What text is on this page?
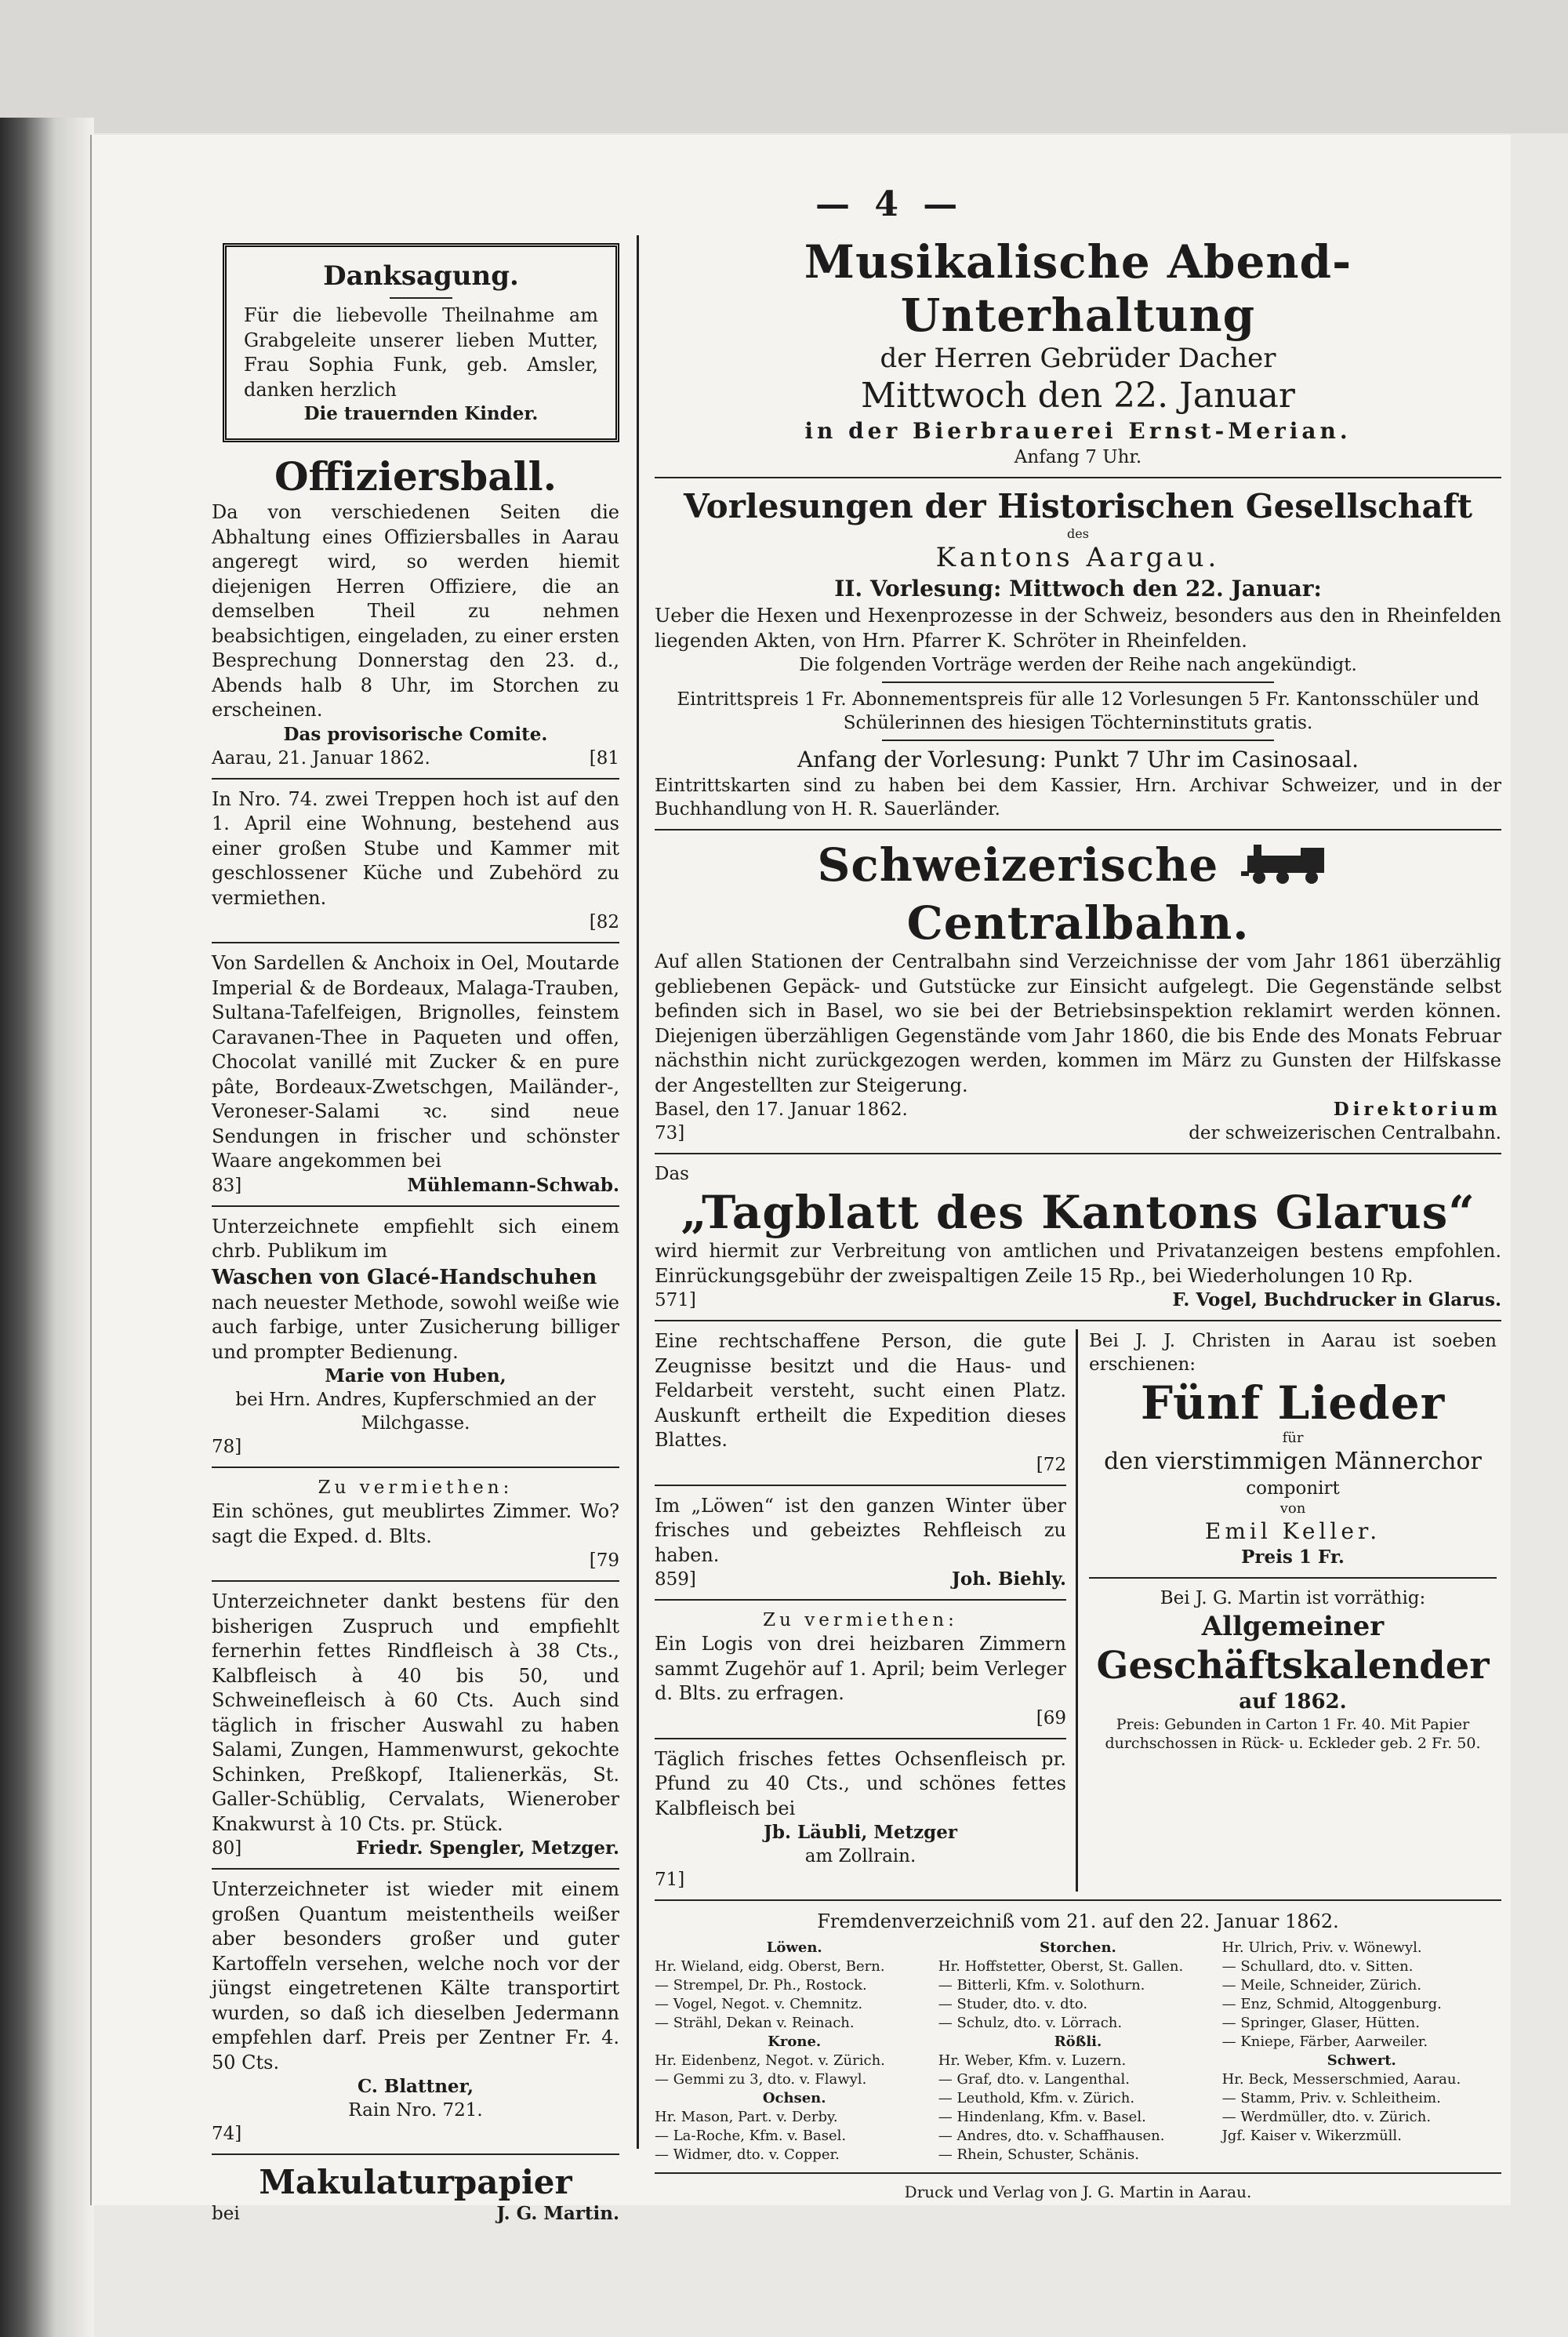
— 4 —

Danksagung.

Für die liebevolle Theilnahme am Grabgeleite unserer lieben Mutter, Frau Sophia Funk, geb. Amsler, danken herzlich

Die trauernden Kinder.

Offiziersball.

Da von verschiedenen Seiten die Abhaltung eines Offiziersballes in Aarau angeregt wird, so werden hiemit diejenigen Herren Offiziere, die an demselben Theil zu nehmen beabsichtigen, eingeladen, zu einer ersten Besprechung Donnerstag den 23. d., Abends halb 8 Uhr, im Storchen zu erscheinen.

Das provisorische Comite.

Aarau, 21. Januar 1862.	[81

In Nro. 74. zwei Treppen hoch ist auf den 1. April eine Wohnung, bestehend aus einer großen Stube und Kammer mit geschlossener Küche und Zubehörd zu vermiethen.

[82

Von Sardellen & Anchoix in Oel, Moutarde Imperial & de Bordeaux, Malaga-Trauben, Sultana-Tafelfeigen, Brignolles, feinstem Caravanen-Thee in Paqueten und offen, Chocolat vanillé mit Zucker & en pure pâte, Bordeaux-Zwetschgen, Mailänder-, Veroneser-Salami ꝛc. sind neue Sendungen in frischer und schönster Waare angekommen bei

83]	Mühlemann-Schwab.

Unterzeichnete empfiehlt sich einem chrb. Publikum im

Waschen von Glacé-Handschuhen

nach neuester Methode, sowohl weiße wie auch farbige, unter Zusicherung billiger und prompter Bedienung.

Marie von Huben,

bei Hrn. Andres, Kupferschmied an der Milchgasse.

78]

Zu vermiethen:

Ein schönes, gut meublirtes Zimmer. Wo? sagt die Exped. d. Blts.

[79

Unterzeichneter dankt bestens für den bisherigen Zuspruch und empfiehlt fernerhin fettes Rindfleisch à 38 Cts., Kalbfleisch à 40 bis 50, und Schweinefleisch à 60 Cts. Auch sind täglich in frischer Auswahl zu haben Salami, Zungen, Hammenwurst, gekochte Schinken, Preßkopf, Italienerkäs, St. Galler-Schüblig, Cervalats, Wienerober Knakwurst à 10 Cts. pr. Stück.

80]	Friedr. Spengler, Metzger.

Unterzeichneter ist wieder mit einem großen Quantum meistentheils weißer aber besonders großer und guter Kartoffeln versehen, welche noch vor der jüngst eingetretenen Kälte transportirt wurden, so daß ich dieselben Jedermann empfehlen darf. Preis per Zentner Fr. 4. 50 Cts.

C. Blattner,

Rain Nro. 721.

74]

Makulaturpapier

bei	J. G. Martin.

Musikalische Abend-Unterhaltung

der Herren Gebrüder Dacher

Mittwoch den 22. Januar

in der Bierbrauerei Ernst-Merian.

Anfang 7 Uhr.

Vorlesungen der Historischen Gesellschaft

des

Kantons Aargau.

II. Vorlesung: Mittwoch den 22. Januar:

Ueber die Hexen und Hexenprozesse in der Schweiz, besonders aus den in Rheinfelden liegenden Akten, von Hrn. Pfarrer K. Schröter in Rheinfelden.

Die folgenden Vorträge werden der Reihe nach angekündigt.

Eintrittspreis 1 Fr. Abonnementspreis für alle 12 Vorlesungen 5 Fr. Kantonsschüler und Schülerinnen des hiesigen Töchterninstituts gratis.

Anfang der Vorlesung: Punkt 7 Uhr im Casinosaal.

Eintrittskarten sind zu haben bei dem Kassier, Hrn. Archivar Schweizer, und in der Buchhandlung von H. R. Sauerländer.

Schweizerische  Centralbahn.

Auf allen Stationen der Centralbahn sind Verzeichnisse der vom Jahr 1861 überzählig gebliebenen Gepäck- und Gutstücke zur Einsicht aufgelegt. Die Gegenstände selbst befinden sich in Basel, wo sie bei der Betriebsinspektion reklamirt werden können. Diejenigen überzähligen Gegenstände vom Jahr 1860, die bis Ende des Monats Februar nächsthin nicht zurückgezogen werden, kommen im März zu Gunsten der Hilfskasse der Angestellten zur Steigerung.

Basel, den 17. Januar 1862.	Direktorium
73]	der schweizerischen Centralbahn.

Das

„Tagblatt des Kantons Glarus“

wird hiermit zur Verbreitung von amtlichen und Privatanzeigen bestens empfohlen. Einrückungsgebühr der zweispaltigen Zeile 15 Rp., bei Wiederholungen 10 Rp.

571]	F. Vogel, Buchdrucker in Glarus.

Eine rechtschaffene Person, die gute Zeugnisse besitzt und die Haus- und Feldarbeit versteht, sucht einen Platz. Auskunft ertheilt die Expedition dieses Blattes.

[72

Im „Löwen“ ist den ganzen Winter über frisches und gebeiztes Rehfleisch zu haben.

859]	Joh. Biehly.

Zu vermiethen:

Ein Logis von drei heizbaren Zimmern sammt Zugehör auf 1. April; beim Verleger d. Blts. zu erfragen.

[69

Täglich frisches fettes Ochsenfleisch pr. Pfund zu 40 Cts., und schönes fettes Kalbfleisch bei

Jb. Läubli, Metzger

am Zollrain.

71]

Bei J. J. Christen in Aarau ist soeben erschienen:

Fünf Lieder

für

den vierstimmigen Männerchor

componirt

von

Emil Keller.

Preis 1 Fr.

Bei J. G. Martin ist vorräthig:

Allgemeiner

Geschäftskalender

auf 1862.

Preis: Gebunden in Carton 1 Fr. 40. Mit Papier durchschossen in Rück- u. Eckleder geb. 2 Fr. 50.

Fremdenverzeichniß vom 21. auf den 22. Januar 1862.

Löwen.
Hr. Wieland, eidg. Oberst, Bern.
— Strempel, Dr. Ph., Rostock.
— Vogel, Negot. v. Chemnitz.
— Strähl, Dekan v. Reinach.
Krone.
Hr. Eidenbenz, Negot. v. Zürich.
— Gemmi zu 3, dto. v. Flawyl.
Ochsen.
Hr. Mason, Part. v. Derby.
— La-Roche, Kfm. v. Basel.
— Widmer, dto. v. Copper.
Storchen.
Hr. Hoffstetter, Oberst, St. Gallen.
— Bitterli, Kfm. v. Solothurn.
— Studer, dto. v. dto.
— Schulz, dto. v. Lörrach.
Rößli.
Hr. Weber, Kfm. v. Luzern.
— Graf, dto. v. Langenthal.
— Leuthold, Kfm. v. Zürich.
— Hindenlang, Kfm. v. Basel.
— Andres, dto. v. Schaffhausen.
— Rhein, Schuster, Schänis.
Hr. Ulrich, Priv. v. Wönewyl.
— Schullard, dto. v. Sitten.
— Meile, Schneider, Zürich.
— Enz, Schmid, Altoggenburg.
— Springer, Glaser, Hütten.
— Kniepe, Färber, Aarweiler.
Schwert.
Hr. Beck, Messerschmied, Aarau.
— Stamm, Priv. v. Schleitheim.
— Werdmüller, dto. v. Zürich.
Jgf. Kaiser v. Wikerzmüll.

Druck und Verlag von J. G. Martin in Aarau.
